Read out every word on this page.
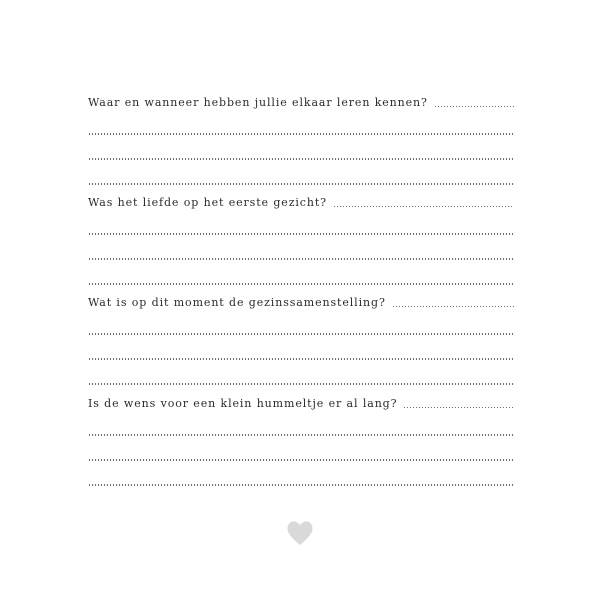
Waar en wanneer hebben jullie elkaar leren kennen?
Was het liefde op het eerste gezicht?
Wat is op dit moment de gezinssamenstelling?
Is de wens voor een klein hummeltje er al lang?
